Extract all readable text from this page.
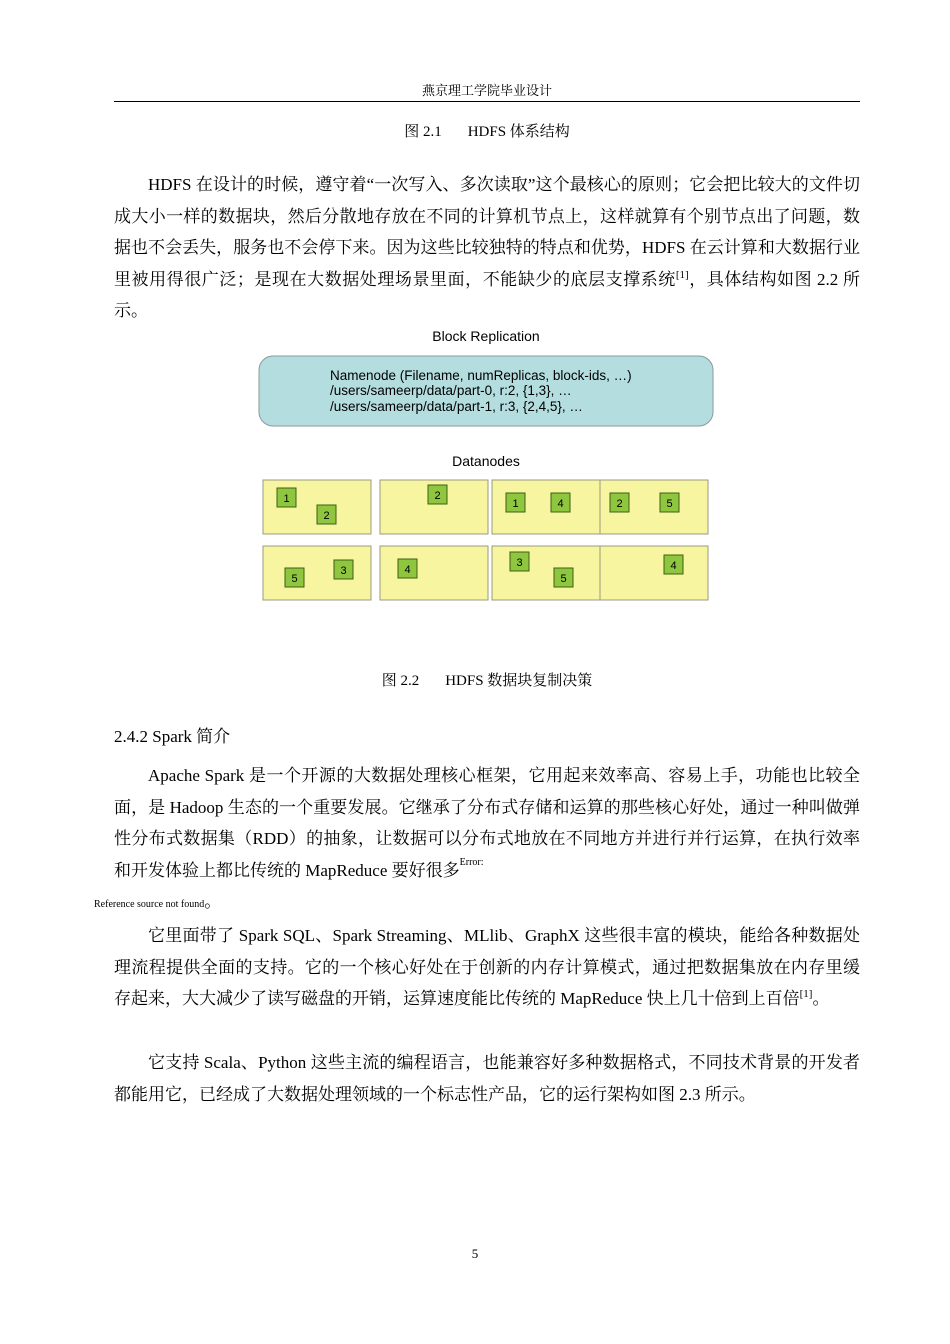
燕京理工学院毕业设计
图 2.1 HDFS 体系结构
HDFS 在设计的时候，遵守着“一次写入、多次读取”这个最核心的原则；它会把比较大的文件切成大小一样的数据块，然后分散地存放在不同的计算机节点上，这样就算有个别节点出了问题，数据也不会丢失，服务也不会停下来。因为这些比较独特的特点和优势，HDFS 在云计算和大数据行业里被用得很广泛；是现在大数据处理场景里面，不能缺少的底层支撑系统[1]，具体结构如图 2.2 所示。
Block Replication
Namenode (Filename, numReplicas, block-ids, …)
/users/sameerp/data/part-0, r:2, {1,3}, …
/users/sameerp/data/part-1, r:3, {2,4,5}, …
Datanodes
1
2
2
1	4	2	5
5
3	4
3
5
4
图 2.2 HDFS 数据块复制决策
2.4.2 Spark 简介
Apache Spark 是一个开源的大数据处理核心框架，它用起来效率高、容易上手，功能也比较全面，是 Hadoop 生态的一个重要发展。它继承了分布式存储和运算的那些核心好处，通过一种叫做弹性分布式数据集（RDD）的抽象，让数据可以分布式地放在不同地方并进行并行运算，在执行效率和开发体验上都比传统的 MapReduce 要好很多$^{Error:}$
Reference source not found。
它里面带了 Spark SQL、Spark Streaming、MLlib、GraphX 这些很丰富的模块，能给各种数据处理流程提供全面的支持。它的一个核心好处在于创新的内存计算模式，通过把数据集放在内存里缓存起来，大大减少了读写磁盘的开销，运算速度能比传统的 MapReduce 快上几十倍到上百倍[1]。
它支持 Scala、Python 这些主流的编程语言，也能兼容好多种数据格式，不同技术背景的开发者都能用它，已经成了大数据处理领域的一个标志性产品，它的运行架构如图 2.3 所示。
5
